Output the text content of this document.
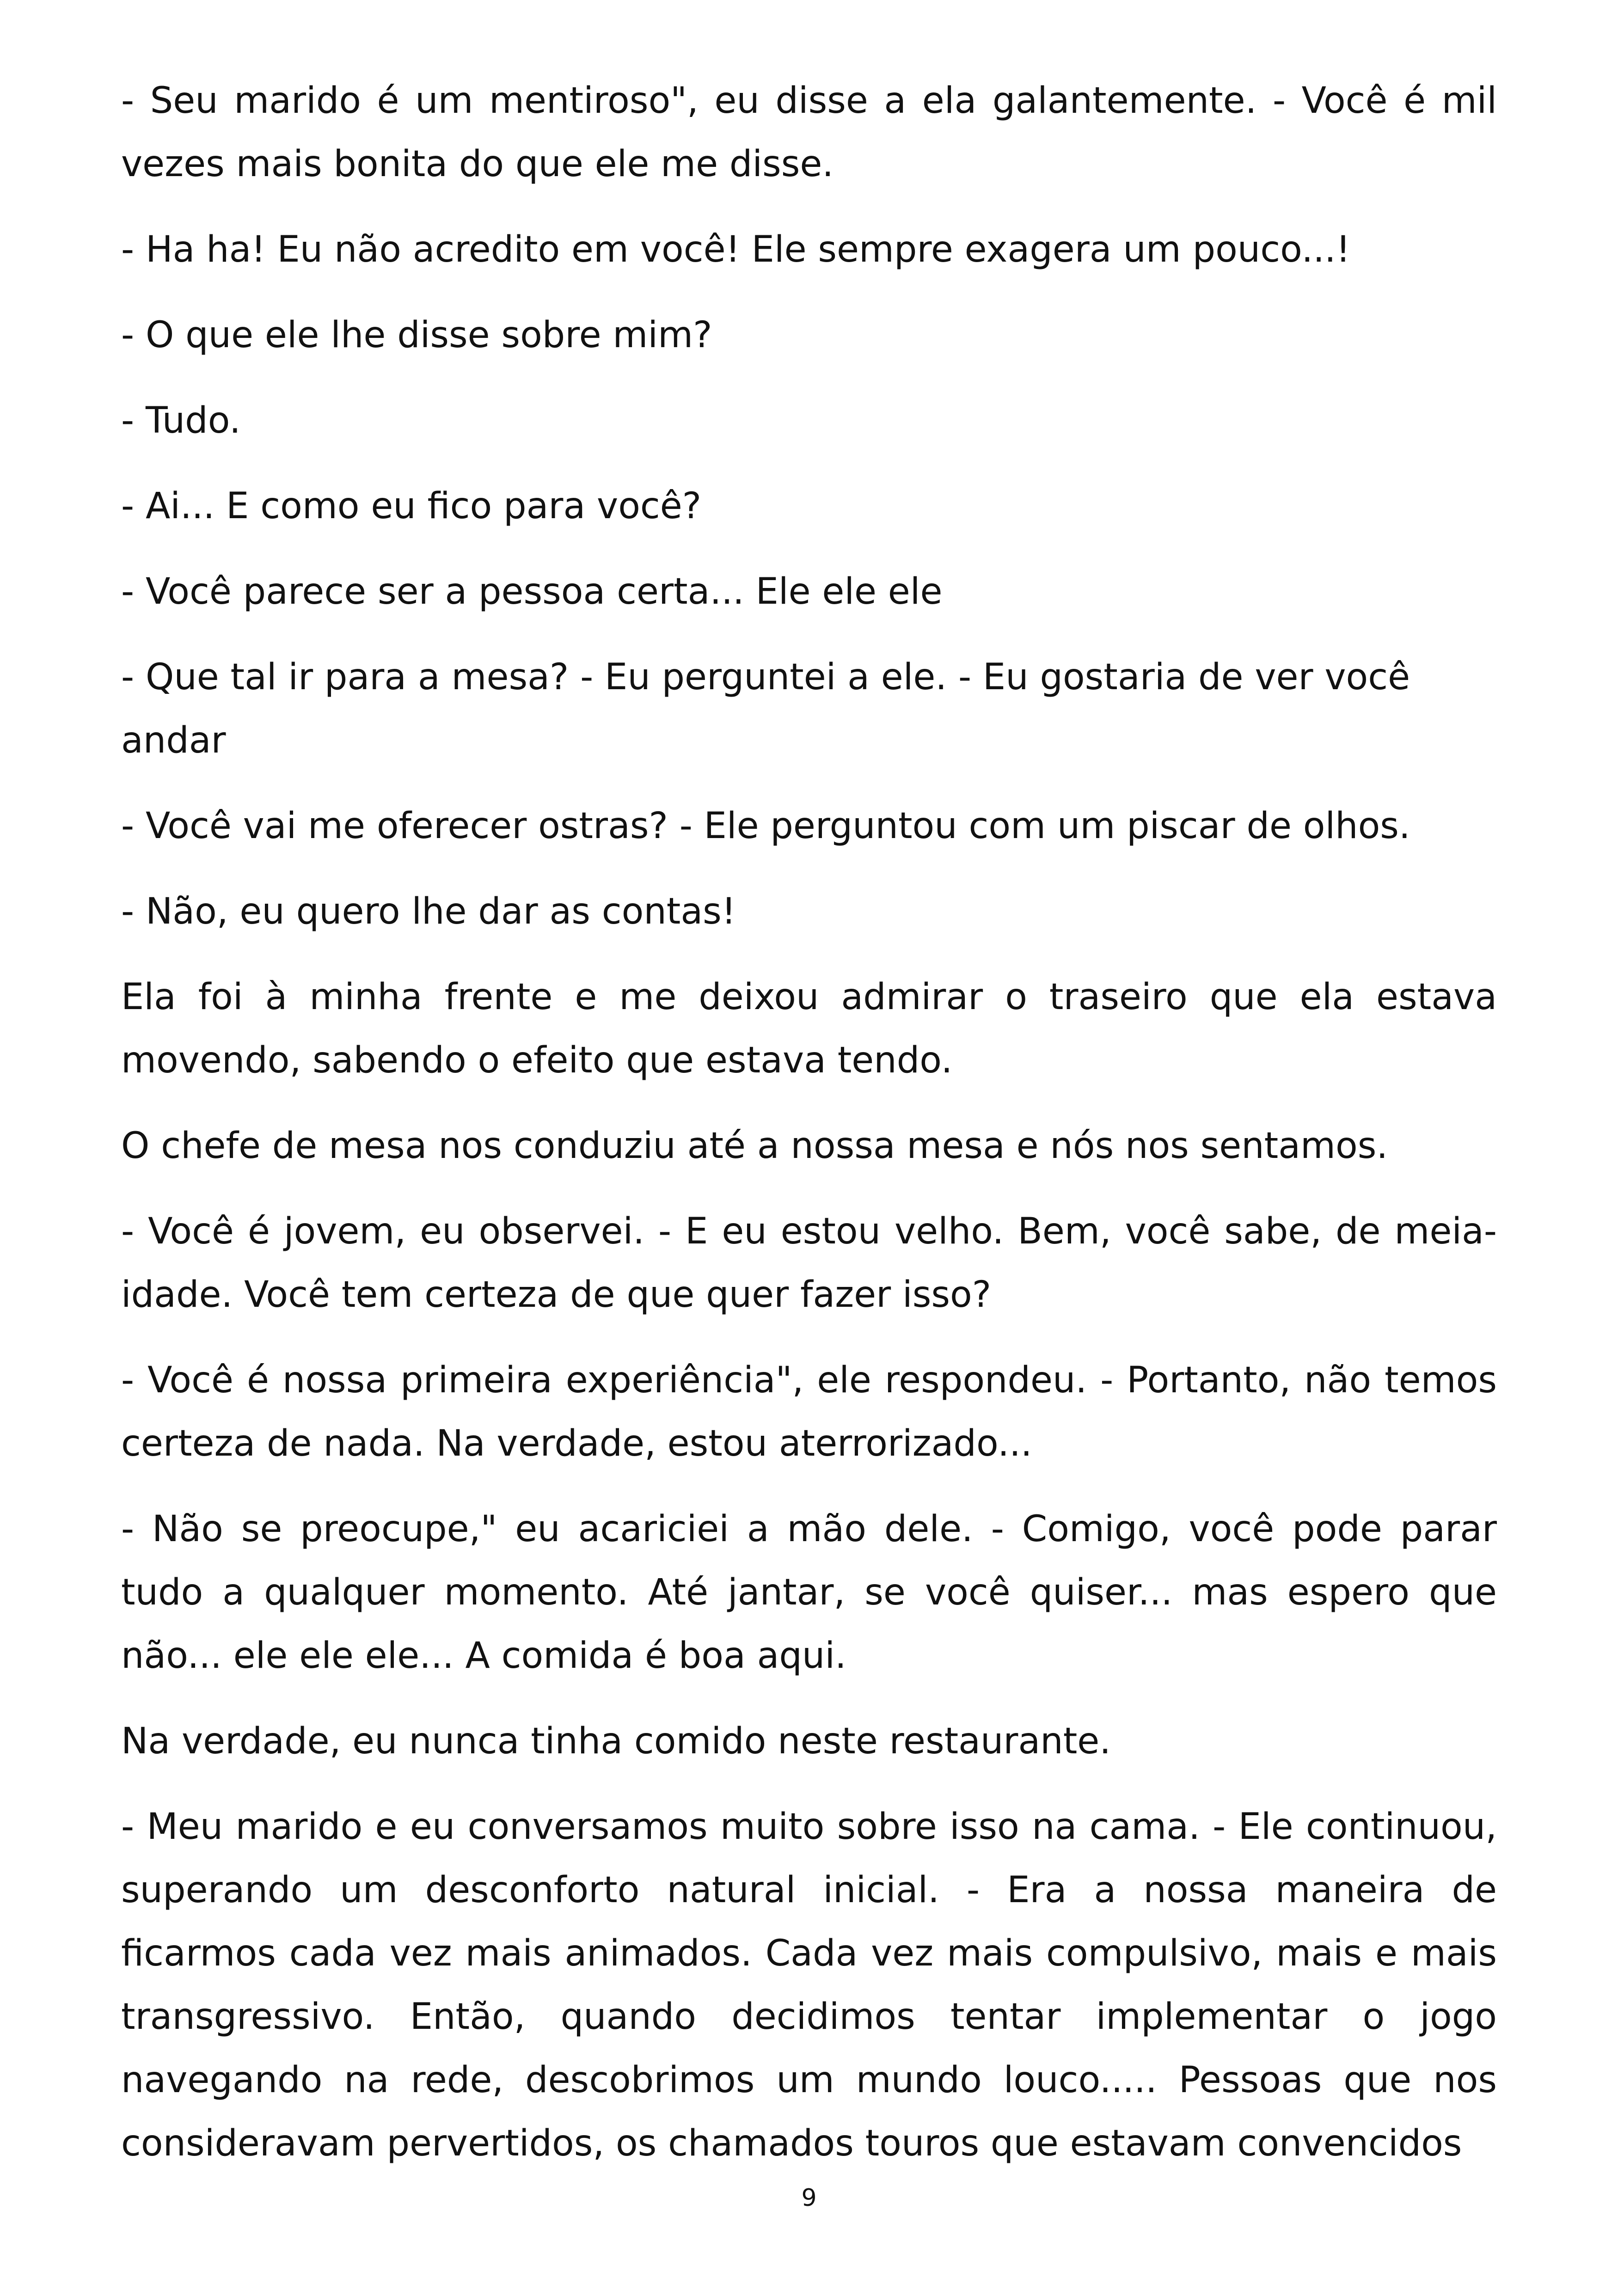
- Seu marido é um mentiroso", eu disse a ela galantemente. - Você é mil vezes mais bonita do que ele me disse.

- Ha ha! Eu não acredito em você! Ele sempre exagera um pouco...!

- O que ele lhe disse sobre mim?

- Tudo.

- Ai... E como eu fico para você?

- Você parece ser a pessoa certa... Ele ele ele

- Que tal ir para a mesa? - Eu perguntei a ele. - Eu gostaria de ver você andar

- Você vai me oferecer ostras? - Ele perguntou com um piscar de olhos.

- Não, eu quero lhe dar as contas!

Ela foi à minha frente e me deixou admirar o traseiro que ela estava movendo, sabendo o efeito que estava tendo.

O chefe de mesa nos conduziu até a nossa mesa e nós nos sentamos.

- Você é jovem, eu observei. - E eu estou velho. Bem, você sabe, de meia-idade. Você tem certeza de que quer fazer isso?

- Você é nossa primeira experiência", ele respondeu. - Portanto, não temos certeza de nada. Na verdade, estou aterrorizado...

- Não se preocupe," eu acariciei a mão dele. - Comigo, você pode parar tudo a qualquer momento. Até jantar, se você quiser... mas espero que não... ele ele ele... A comida é boa aqui.

Na verdade, eu nunca tinha comido neste restaurante.

- Meu marido e eu conversamos muito sobre isso na cama. - Ele continuou, superando um desconforto natural inicial. - Era a nossa maneira de ficarmos cada vez mais animados. Cada vez mais compulsivo, mais e mais transgressivo. Então, quando decidimos tentar implementar o jogo navegando na rede, descobrimos um mundo louco..... Pessoas que nos consideravam pervertidos, os chamados touros que estavam convencidos

9
